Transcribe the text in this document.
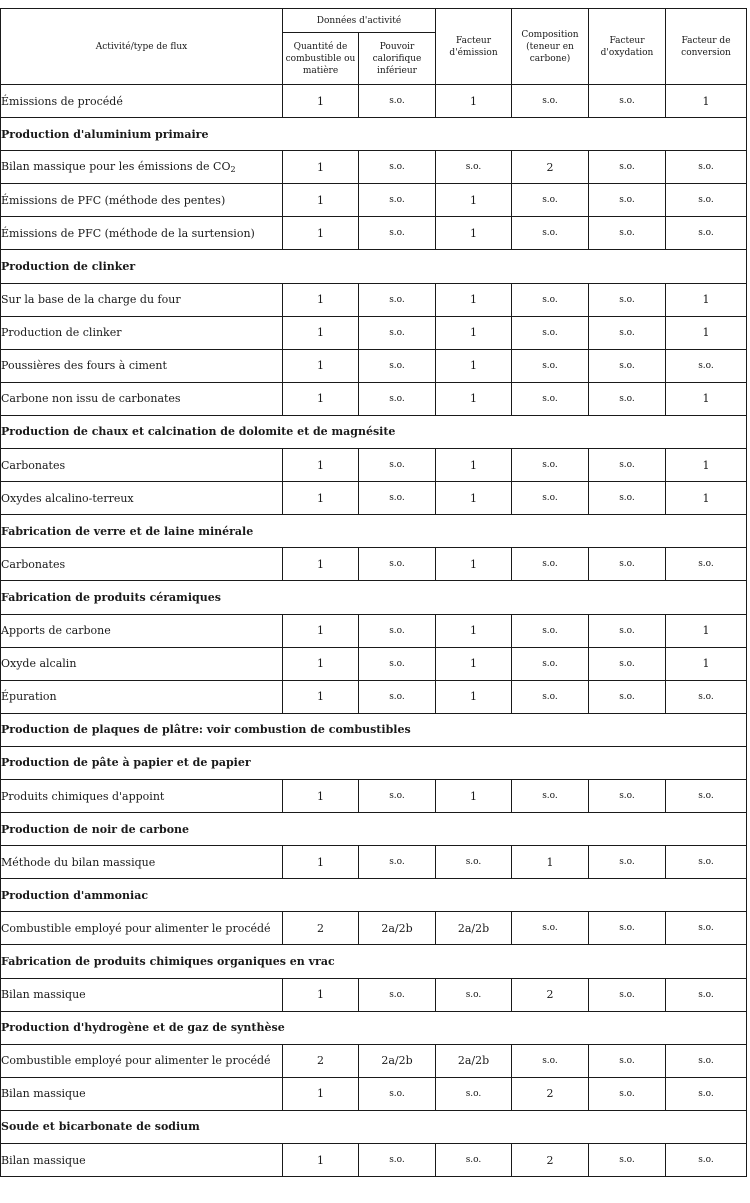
Activité/type de flux	Données d'activité		Facteur d'émission	Composition (teneur en carbone)	Facteur d'oxydation	Facteur de conversion
	Quantité de combustible ou matière	Pouvoir calorifique inférieur				
Émissions de procédé	1	s.o.	1	s.o.	s.o.	1
Production d'aluminium primaire						
Bilan massique pour les émissions de $CO_2$	1	s.o.	s.o.	2	s.o.	s.o.
Émissions de PFC (méthode des pentes)	1	s.o.	1	s.o.	s.o.	s.o.
Émissions de PFC (méthode de la surtension)	1	s.o.	1	s.o.	s.o.	s.o.
Production de clinker						
Sur la base de la charge du four	1	s.o.	1	s.o.	s.o.	1
Production de clinker	1	s.o.	1	s.o.	s.o.	1
Poussières des fours à ciment	1	s.o.	1	s.o.	s.o.	s.o.
Carbone non issu de carbonates	1	s.o.	1	s.o.	s.o.	1
Production de chaux et calcination de dolomite et de magnésite						
Carbonates	1	s.o.	1	s.o.	s.o.	1
Oxydes alcalino-terreux	1	s.o.	1	s.o.	s.o.	1
Fabrication de verre et de laine minérale						
Carbonates	1	s.o.	1	s.o.	s.o.	s.o.
Fabrication de produits céramiques						
Apports de carbone	1	s.o.	1	s.o.	s.o.	1
Oxyde alcalin	1	s.o.	1	s.o.	s.o.	1
Épuration	1	s.o.	1	s.o.	s.o.	s.o.
Production de plaques de plâtre: voir combustion de combustibles						
Production de pâte à papier et de papier						
Produits chimiques d'appoint	1	s.o.	1	s.o.	s.o.	s.o.
Production de noir de carbone						
Méthode du bilan massique	1	s.o.	s.o.	1	s.o.	s.o.
Production d'ammoniac						
Combustible employé pour alimenter le procédé	2	2a/2b	2a/2b	s.o.	s.o.	s.o.
Fabrication de produits chimiques organiques en vrac						
Bilan massique	1	s.o.	s.o.	2	s.o.	s.o.
Production d'hydrogène et de gaz de synthèse						
Combustible employé pour alimenter le procédé	2	2a/2b	2a/2b	s.o.	s.o.	s.o.
Bilan massique	1	s.o.	s.o.	2	s.o.	s.o.
Soude et bicarbonate de sodium						
Bilan massique	1	s.o.	s.o.	2	s.o.	s.o.
